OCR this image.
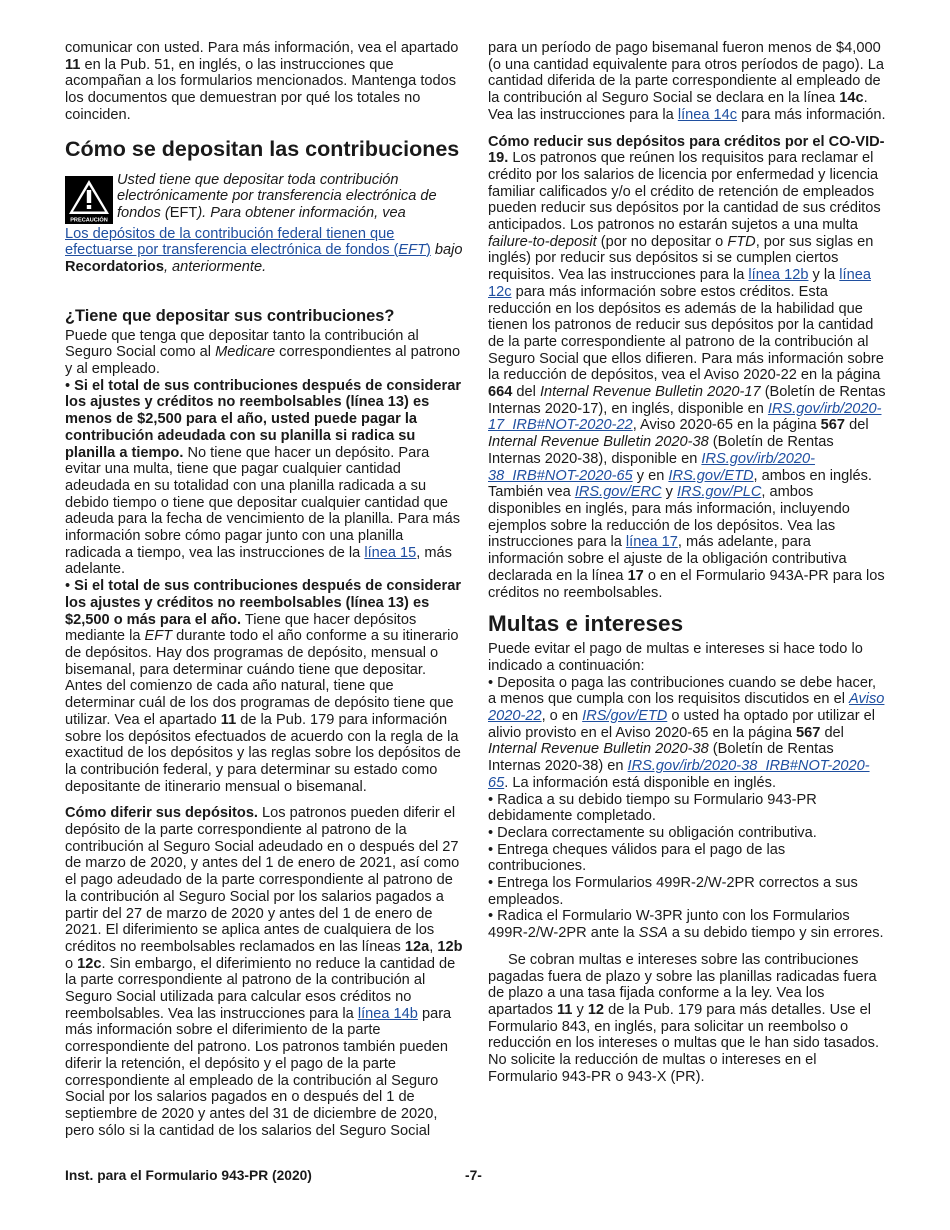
comunicar con usted. Para más información, vea el apartado 11 en la Pub. 51, en inglés, o las instrucciones que acompañan a los formularios mencionados. Mantenga todos los documentos que demuestran por qué los totales no coinciden.

Cómo se depositan las contribuciones
PRECAUCIÓN
Usted tiene que depositar toda contribución electrónicamente por transferencia electrónica de fondos (EFT). Para obtener información, vea

Los depósitos de la contribución federal tienen que efectuarse por transferencia electrónica de fondos (EFT) bajo Recordatorios, anteriormente.

¿Tiene que depositar sus contribuciones?

Puede que tenga que depositar tanto la contribución al Seguro Social como al Medicare correspondientes al patrono y al empleado.

• Si el total de sus contribuciones después de considerar los ajustes y créditos no reembolsables (línea 13) es menos de $2,500 para el año, usted puede pagar la contribución adeudada con su planilla si radica su planilla a tiempo. No tiene que hacer un depósito. Para evitar una multa, tiene que pagar cualquier cantidad adeudada en su totalidad con una planilla radicada a su debido tiempo o tiene que depositar cualquier cantidad que adeuda para la fecha de vencimiento de la planilla. Para más información sobre cómo pagar junto con una planilla radicada a tiempo, vea las instrucciones de la línea 15, más adelante.

• Si el total de sus contribuciones después de considerar los ajustes y créditos no reembolsables (línea 13) es $2,500 o más para el año. Tiene que hacer depósitos mediante la EFT durante todo el año conforme a su itinerario de depósitos. Hay dos programas de depósito, mensual o bisemanal, para determinar cuándo tiene que depositar. Antes del comienzo de cada año natural, tiene que determinar cuál de los dos programas de depósito tiene que utilizar. Vea el apartado 11 de la Pub. 179 para información sobre los depósitos efectuados de acuerdo con la regla de la exactitud de los depósitos y las reglas sobre los depósitos de la contribución federal, y para determinar su estado como depositante de itinerario mensual o bisemanal.

Cómo diferir sus depósitos. Los patronos pueden diferir el depósito de la parte correspondiente al patrono de la contribución al Seguro Social adeudado en o después del 27 de marzo de 2020, y antes del 1 de enero de 2021, así como el pago adeudado de la parte correspondiente al patrono de la contribución al Seguro Social por los salarios pagados a partir del 27 de marzo de 2020 y antes del 1 de enero de 2021. El diferimiento se aplica antes de cualquiera de los créditos no reembolsables reclamados en las líneas 12a, 12b o 12c. Sin embargo, el diferimiento no reduce la cantidad de la parte correspondiente al patrono de la contribución al Seguro Social utilizada para calcular esos créditos no reembolsables. Vea las instrucciones para la línea 14b para más información sobre el diferimiento de la parte correspondiente del patrono. Los patronos también pueden diferir la retención, el depósito y el pago de la parte correspondiente al empleado de la contribución al Seguro Social por los salarios pagados en o después del 1 de septiembre de 2020 y antes del 31 de diciembre de 2020, pero sólo si la cantidad de los salarios del Seguro Social

para un período de pago bisemanal fueron menos de $4,000 (o una cantidad equivalente para otros períodos de pago). La cantidad diferida de la parte correspondiente al empleado de la contribución al Seguro Social se declara en la línea 14c. Vea las instrucciones para la línea 14c para más información.

Cómo reducir sus depósitos para créditos por el CO-VID-19. Los patronos que reúnen los requisitos para reclamar el crédito por los salarios de licencia por enfermedad y licencia familiar calificados y/o el crédito de retención de empleados pueden reducir sus depósitos por la cantidad de sus créditos anticipados. Los patronos no estarán sujetos a una multa failure-to-deposit (por no depositar o FTD, por sus siglas en inglés) por reducir sus depósitos si se cumplen ciertos requisitos. Vea las instrucciones para la línea 12b y la línea 12c para más información sobre estos créditos. Esta reducción en los depósitos es además de la habilidad que tienen los patronos de reducir sus depósitos por la cantidad de la parte correspondiente al patrono de la contribución al Seguro Social que ellos difieren. Para más información sobre la reducción de depósitos, vea el Aviso 2020-22 en la página 664 del Internal Revenue Bulletin 2020-17 (Boletín de Rentas Internas 2020-17), en inglés, disponible en IRS.gov/irb/2020-17_IRB#NOT-2020-22, Aviso 2020-65 en la página 567 del Internal Revenue Bulletin 2020-38 (Boletín de Rentas Internas 2020-38), disponible en IRS.gov/irb/2020-38_IRB#NOT-2020-65 y en IRS.gov/ETD, ambos en inglés. También vea IRS.gov/ERC y IRS.gov/PLC, ambos disponibles en inglés, para más información, incluyendo ejemplos sobre la reducción de los depósitos. Vea las instrucciones para la línea 17, más adelante, para información sobre el ajuste de la obligación contributiva declarada en la línea 17 o en el Formulario 943A-PR para los créditos no reembolsables.

Multas e intereses

Puede evitar el pago de multas e intereses si hace todo lo indicado a continuación:

• Deposita o paga las contribuciones cuando se debe hacer, a menos que cumpla con los requisitos discutidos en el Aviso 2020-22, o en IRS/gov/ETD o usted ha optado por utilizar el alivio provisto en el Aviso 2020-65 en la página 567 del Internal Revenue Bulletin 2020-38 (Boletín de Rentas Internas 2020-38) en IRS.gov/irb/2020-38_IRB#NOT-2020-65. La información está disponible en inglés.

• Radica a su debido tiempo su Formulario 943-PR debidamente completado.

• Declara correctamente su obligación contributiva.

• Entrega cheques válidos para el pago de las contribuciones.

• Entrega los Formularios 499R-2/W-2PR correctos a sus empleados.

• Radica el Formulario W-3PR junto con los Formularios 499R-2/W-2PR ante la SSA a su debido tiempo y sin errores.

Se cobran multas e intereses sobre las contribuciones pagadas fuera de plazo y sobre las planillas radicadas fuera de plazo a una tasa fijada conforme a la ley. Vea los apartados 11 y 12 de la Pub. 179 para más detalles. Use el Formulario 843, en inglés, para solicitar un reembolso o reducción en los intereses o multas que le han sido tasados. No solicite la reducción de multas o intereses en el Formulario 943-PR o 943-X (PR).

Inst. para el Formulario 943-PR (2020)	-7-
